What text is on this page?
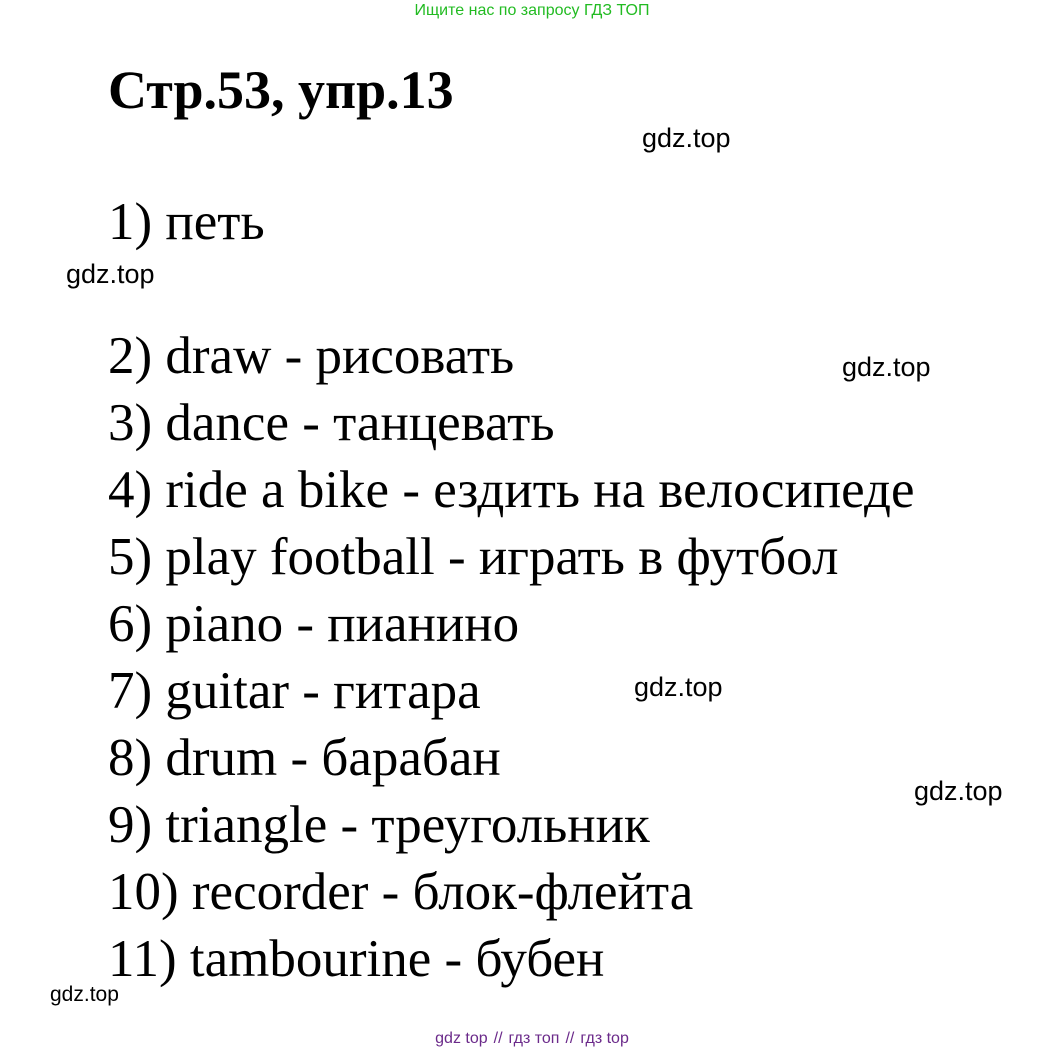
Ищите нас по запросу ГДЗ ТОП
Стр.53, упр.13
gdz.top
1) петь
gdz.top
2) draw - рисовать	gdz.top
3) dance - танцевать
4) ride a bike - ездить на велосипеде
5) play football - играть в футбол
6) piano - пианино
7) guitar - гитара	gdz.top
8) drum - барабан
gdz.top
9) triangle - треугольник
10) recorder - блок-флейта
11) tambourine - бубен
gdz.top
gdz top // гдз топ // гдз top
